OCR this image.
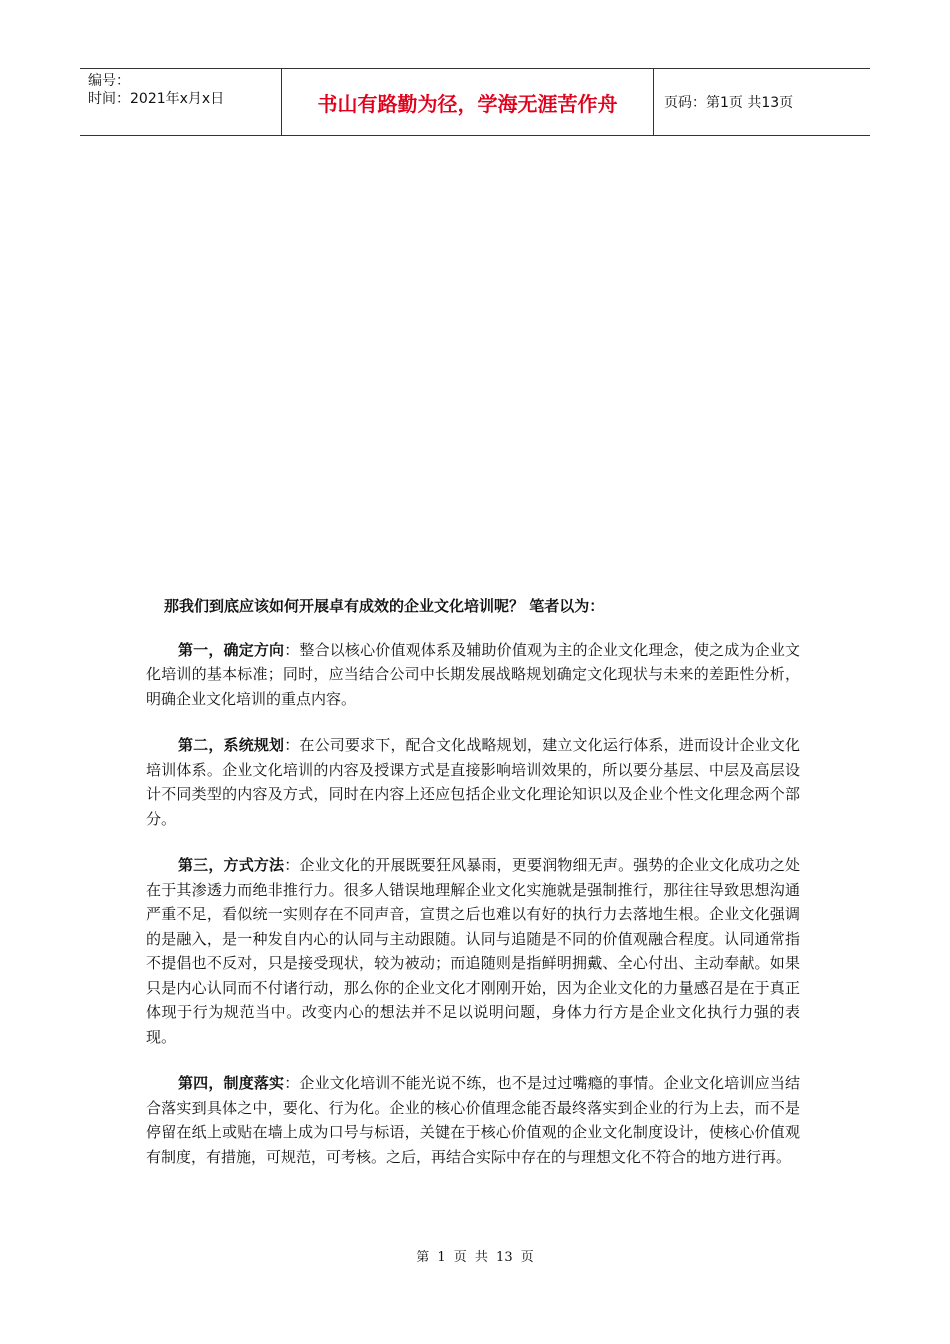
编号：
时间：2021年x月x日	书山有路勤为径，学海无涯苦作舟	页码：第1页 共13页
那我们到底应该如何开展卓有成效的企业文化培训呢？ 笔者以为：
第一，确定方向：整合以核心价值观体系及辅助价值观为主的企业文化理念，使之成为企业文化培训的基本标准；同时，应当结合公司中长期发展战略规划确定文化现状与未来的差距性分析，明确企业文化培训的重点内容。
第二，系统规划：在公司要求下，配合文化战略规划，建立文化运行体系，进而设计企业文化培训体系。企业文化培训的内容及授课方式是直接影响培训效果的，所以要分基层、中层及高层设计不同类型的内容及方式，同时在内容上还应包括企业文化理论知识以及企业个性文化理念两个部分。
第三，方式方法：企业文化的开展既要狂风暴雨，更要润物细无声。强势的企业文化成功之处在于其渗透力而绝非推行力。很多人错误地理解企业文化实施就是强制推行，那往往导致思想沟通严重不足，看似统一实则存在不同声音，宣贯之后也难以有好的执行力去落地生根。企业文化强调的是融入，是一种发自内心的认同与主动跟随。认同与追随是不同的价值观融合程度。认同通常指不提倡也不反对，只是接受现状，较为被动；而追随则是指鲜明拥戴、全心付出、主动奉献。如果只是内心认同而不付诸行动，那么你的企业文化才刚刚开始，因为企业文化的力量感召是在于真正体现于行为规范当中。改变内心的想法并不足以说明问题，身体力行方是企业文化执行力强的表现。
第四，制度落实：企业文化培训不能光说不练，也不是过过嘴瘾的事情。企业文化培训应当结合落实到具体之中，要化、行为化。企业的核心价值理念能否最终落实到企业的行为上去，而不是停留在纸上或贴在墙上成为口号与标语，关键在于核心价值观的企业文化制度设计，使核心价值观有制度，有措施，可规范，可考核。之后，再结合实际中存在的与理想文化不符合的地方进行再。
第 1 页 共 13 页
